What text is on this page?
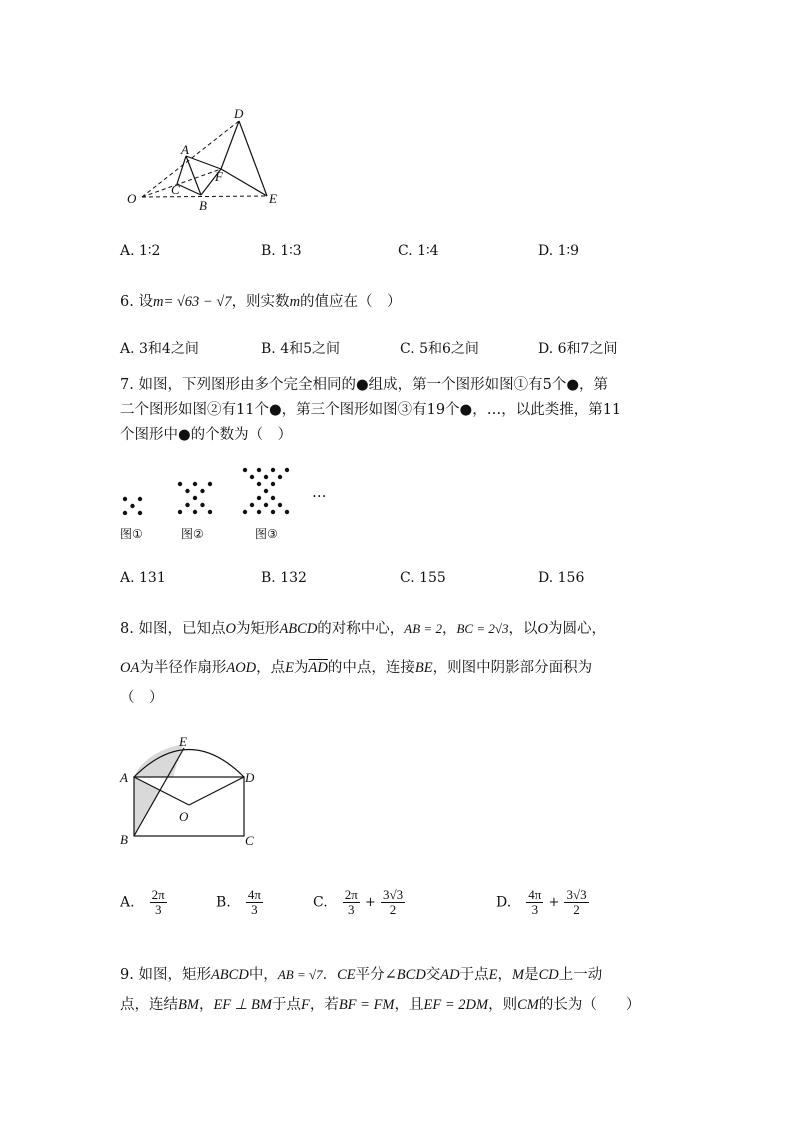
D
A
F
C
O	B	E
A. 1∶2	B. 1∶3	C. 1∶4	D. 1∶9
6. 设m= √63 − √7，则实数m的值应在（　）
A. 3和4之间	B. 4和5之间	C. 5和6之间	D. 6和7之间
7. 如图，下列图形由多个完全相同的●组成，第一个图形如图①有5个●，第
二个图形如图②有11个●，第三个图形如图③有19个●，…，以此类推，第11
个图形中●的个数为（　）
…
图①	图②	图③
A. 131	B. 132	C. 155	D. 156
8. 如图，已知点O为矩形ABCD的对称中心，AB = 2，BC = 2√3，以O为圆心，
OA为半径作扇形AOD，点E为$\overline{AD}$的中点，连接BE，则图中阴影部分面积为
（　）
E
A	D
O
B	C
A. $\frac{2\pi}{3}$	B. $\frac{4\pi}{3}$	C. $\frac{2\pi}{3} + \frac{3√3}{2}$	D. $\frac{4\pi}{3} + \frac{3√3}{2}$
9. 如图，矩形ABCD中，AB = √7．CE平分∠BCD交AD于点E，M是CD上一动
点，连结BM，EF ⊥ BM于点F，若BF = FM，且EF = 2DM，则CM的长为（　　）
